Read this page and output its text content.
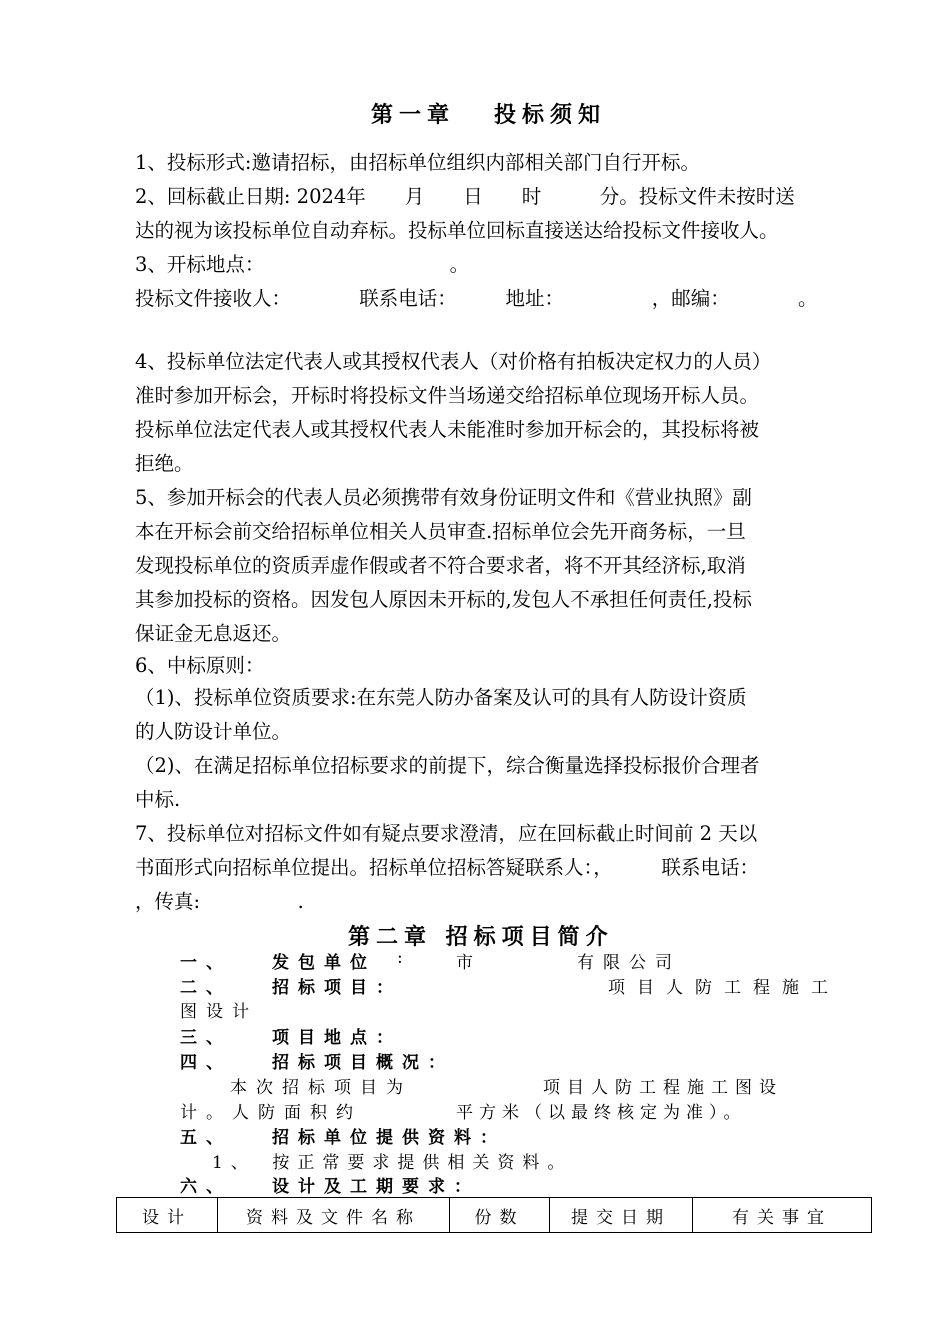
第一章 投标须知
1、投标形式:邀请招标，由招标单位组织内部相关部门自行开标。
2、回标截止日期: 2024年　　月　　日　　时　　　分。投标文件未按时送
达的视为该投标单位自动弃标。投标单位回标直接送达给投标文件接收人。
3、开标地点：　　　　　　　　　　。
投标文件接收人：　　　　联系电话：　　　地址：　　　　　，邮编：　　　　。
4、投标单位法定代表人或其授权代表人（对价格有拍板决定权力的人员）
准时参加开标会，开标时将投标文件当场递交给招标单位现场开标人员。
投标单位法定代表人或其授权代表人未能准时参加开标会的，其投标将被
拒绝。
5、参加开标会的代表人员必须携带有效身份证明文件和《营业执照》副
本在开标会前交给招标单位相关人员审查.招标单位会先开商务标，一旦
发现投标单位的资质弄虚作假或者不符合要求者，将不开其经济标,取消
其参加投标的资格。因发包人原因未开标的,发包人不承担任何责任,投标
保证金无息返还。
6、中标原则：
（1)、投标单位资质要求:在东莞人防办备案及认可的具有人防设计资质
的人防设计单位。
（2)、在满足招标单位招标要求的前提下，综合衡量选择投标报价合理者
中标.
7、投标单位对招标文件如有疑点要求澄清，应在回标截止时间前 2 天以
书面形式向招标单位提出。招标单位招标答疑联系人：，　　　联系电话：
，传真:　　　　　.
第二章 招标项目简介
一、 发包单位 :	市	有限公司
二、 招标项目：	项目人防工程施工
图设计
三、 项目地点：
四、 招标项目概况：
本次招标项目为	项目人防工程施工图设
计。人防面积约	平方米（以最终核定为准）。
五、 招标单位提供资料：
1、　按正常要求提供相关资料。
六、 设计及工期要求：
设计	资料及文件名称	份数	提交日期	有关事宜
